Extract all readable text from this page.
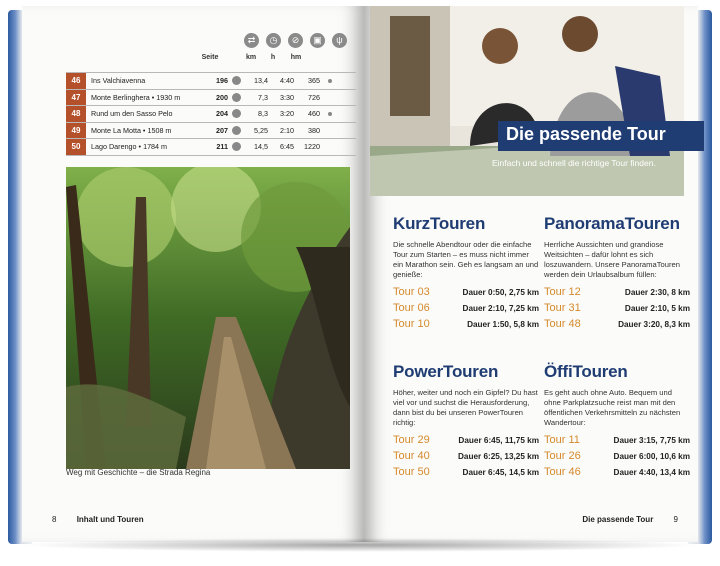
Seite	km	h	hm
⇄	◷	⊘	▣	ψ
46	Ins Valchiavenna	196	13,4	4:40	365
47	Monte Berlinghera • 1930 m	200	7,3	3:30	726
48	Rund um den Sasso Pelo	204	8,3	3:20	460
49	Monte La Motta • 1508 m	207	5,25	2:10	380
50	Lago Darengo • 1784 m	211	14,5	6:45	1220
Weg mit Geschichte – die Strada Regina
8	Inhalt und Touren
Die passende Tour
Einfach und schnell die richtige Tour finden.
KurzTouren

Die schnelle Abendtour oder die einfache Tour zum Starten – es muss nicht immer ein Marathon sein. Geh es langsam an und genieße:

Tour 03	Dauer 0:50, 2,75 km
Tour 06	Dauer 2:10, 7,25 km
Tour 10	Dauer 1:50, 5,8 km
PanoramaTouren

Herrliche Aussichten und grandiose Weitsichten – dafür lohnt es sich loszuwandern. Unsere PanoramaTouren werden dein Urlaubsalbum füllen:

Tour 12	Dauer 2:30, 8 km
Tour 31	Dauer 2:10, 5 km
Tour 48	Dauer 3:20, 8,3 km
PowerTouren

Höher, weiter und noch ein Gipfel? Du hast viel vor und suchst die Herausforderung, dann bist du bei unseren PowerTouren richtig:

Tour 29	Dauer 6:45, 11,75 km
Tour 40	Dauer 6:25, 13,25 km
Tour 50	Dauer 6:45, 14,5 km
ÖffiTouren

Es geht auch ohne Auto. Bequem und ohne Parkplatzsuche reist man mit den öffentlichen Verkehrsmitteln zu nächsten Wandertour:

Tour 11	Dauer 3:15, 7,75 km
Tour 26	Dauer 6:00, 10,6 km
Tour 46	Dauer 4:40, 13,4 km
Die passende Tour	9
